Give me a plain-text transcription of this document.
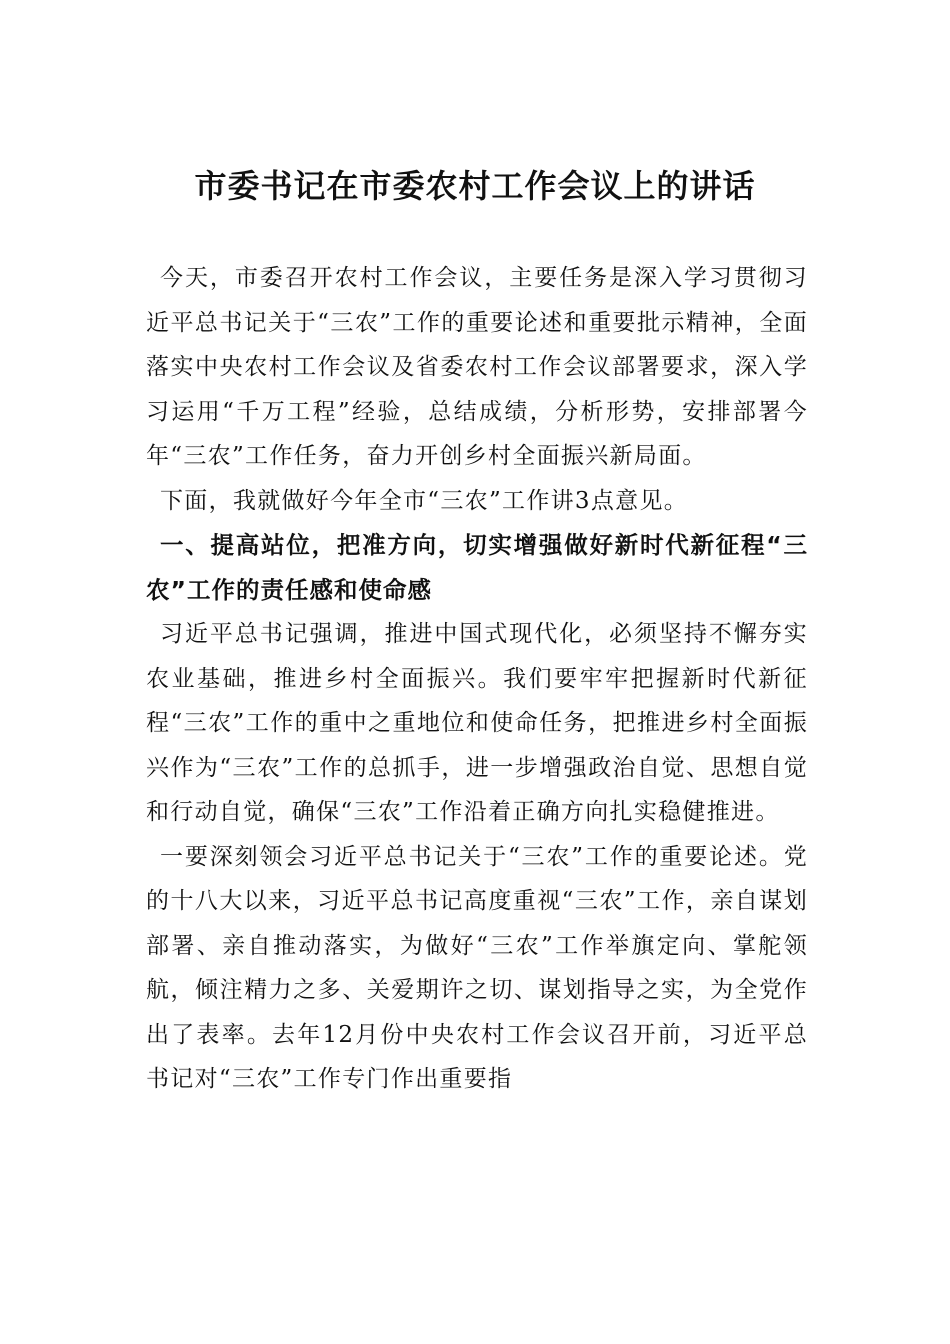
市委书记在市委农村工作会议上的讲话

今天，市委召开农村工作会议，主要任务是深入学习贯彻习近平总书记关于“三农”工作的重要论述和重要批示精神，全面落实中央农村工作会议及省委农村工作会议部署要求，深入学习运用“千万工程”经验，总结成绩，分析形势，安排部署今年“三农”工作任务，奋力开创乡村全面振兴新局面。

下面，我就做好今年全市“三农”工作讲3点意见。

一、提高站位，把准方向，切实增强做好新时代新征程“三农”工作的责任感和使命感

习近平总书记强调，推进中国式现代化，必须坚持不懈夯实农业基础，推进乡村全面振兴。我们要牢牢把握新时代新征程“三农”工作的重中之重地位和使命任务，把推进乡村全面振兴作为“三农”工作的总抓手，进一步增强政治自觉、思想自觉和行动自觉，确保“三农”工作沿着正确方向扎实稳健推进。

一要深刻领会习近平总书记关于“三农”工作的重要论述。党的十八大以来，习近平总书记高度重视“三农”工作，亲自谋划部署、亲自推动落实，为做好“三农”工作举旗定向、掌舵领航，倾注精力之多、关爱期许之切、谋划指导之实，为全党作出了表率。去年12月份中央农村工作会议召开前，习近平总书记对“三农”工作专门作出重要指
